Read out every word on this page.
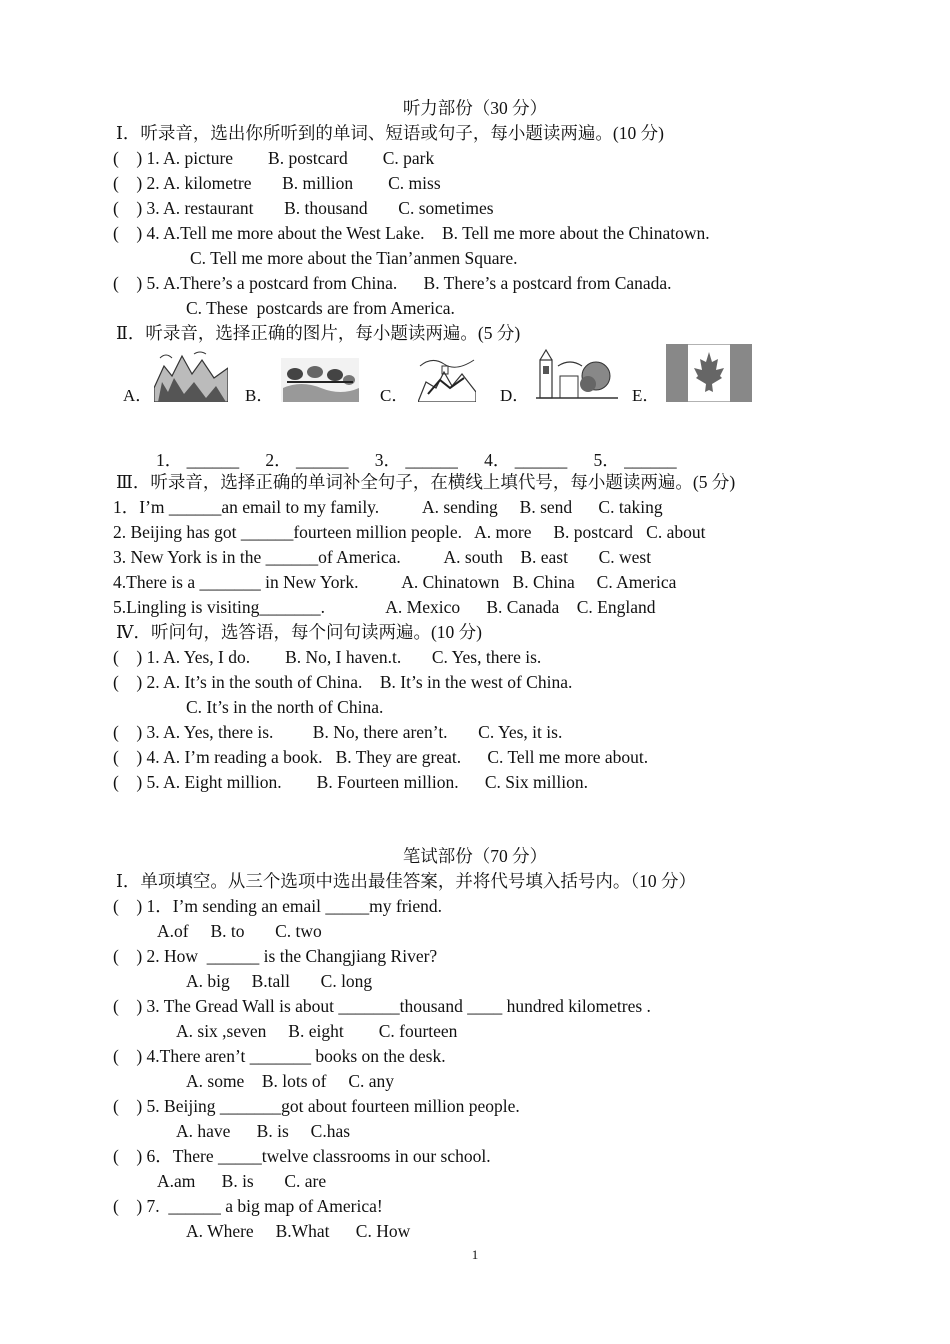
听力部份（30 分）
Ⅰ．听录音，选出你所听到的单词、短语或句子，每小题读两遍。(10 分)
(    ) 1. A. picture        B. postcard        C. park
(    ) 2. A. kilometre       B. million        C. miss
(    ) 3. A. restaurant       B. thousand       C. sometimes
(    ) 4. A.Tell me more about the West Lake.    B. Tell me more about the Chinatown.
C. Tell me more about the Tian’anmen Square.
(    ) 5. A.There’s a postcard from China.      B. There’s a postcard from Canada.
C. These  postcards are from America.
Ⅱ．听录音，选择正确的图片，每小题读两遍。(5 分)
A．	B．	C．	D．	E．
1． ______      2． ______      3． ______      4． ______      5． ______
Ⅲ．听录音，选择正确的单词补全句子，在横线上填代号，每小题读两遍。(5 分)
1．I’m ______an email to my family.          A. sending     B. send      C. taking
2. Beijing has got ______fourteen million people.   A. more     B. postcard   C. about
3. New York is in the ______of America.          A. south    B. east       C. west
4.There is a _______ in New York.          A. Chinatown   B. China     C. America
5.Lingling is visiting_______.              A. Mexico      B. Canada    C. England
Ⅳ．听问句，选答语，每个问句读两遍。(10 分)
(    ) 1. A. Yes, I do.        B. No, I haven.t.       C. Yes, there is.
(    ) 2. A. It’s in the south of China.    B. It’s in the west of China.
C. It’s in the north of China.
(    ) 3. A. Yes, there is.         B. No, there aren’t.       C. Yes, it is.
(    ) 4. A. I’m reading a book.   B. They are great.      C. Tell me more about.
(    ) 5. A. Eight million.        B. Fourteen million.      C. Six million.
笔试部份（70 分）
Ⅰ．单项填空。从三个选项中选出最佳答案，并将代号填入括号内。（10 分）
(    ) 1．I’m sending an email _____my friend.
A.of     B. to       C. two
(    ) 2. How  ______ is the Changjiang River?
A. big     B.tall       C. long
(    ) 3. The Gread Wall is about _______thousand ____ hundred kilometres .
A. six ,seven     B. eight        C. fourteen
(    ) 4.There aren’t _______ books on the desk.
A. some    B. lots of     C. any
(    ) 5. Beijing _______got about fourteen million people.
A. have      B. is     C.has
(    ) 6．There _____twelve classrooms in our school.
A.am      B. is       C. are
(    ) 7.  ______ a big map of America!
A. Where     B.What      C. How
1
